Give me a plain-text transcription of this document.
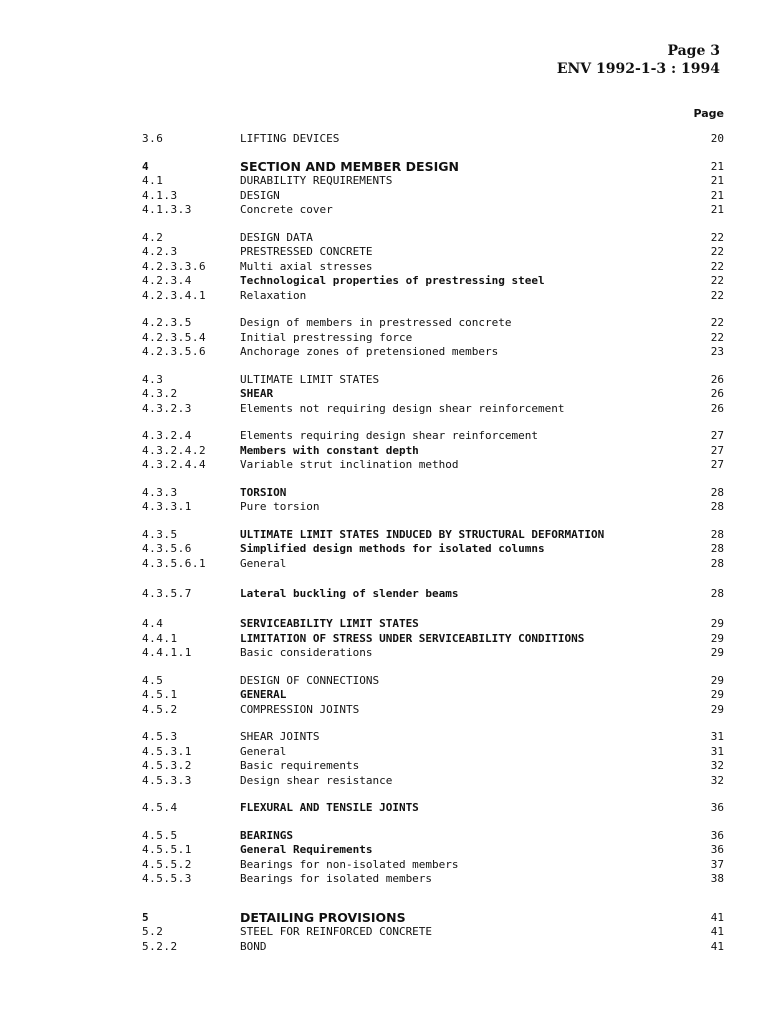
Page 3
ENV 1992-1-3 : 1994
Page
3.6	LIFTING DEVICES	20
4	SECTION AND MEMBER DESIGN	21
4.1	DURABILITY REQUIREMENTS	21
4.1.3	DESIGN	21
4.1.3.3	Concrete cover	21
4.2	DESIGN DATA	22
4.2.3	PRESTRESSED CONCRETE	22
4.2.3.3.6	Multi axial stresses	22
4.2.3.4	Technological properties of prestressing steel	22
4.2.3.4.1	Relaxation	22
4.2.3.5	Design of members in prestressed concrete	22
4.2.3.5.4	Initial prestressing force	22
4.2.3.5.6	Anchorage zones of pretensioned members	23
4.3	ULTIMATE LIMIT STATES	26
4.3.2	SHEAR	26
4.3.2.3	Elements not requiring design shear reinforcement	26
4.3.2.4	Elements requiring design shear reinforcement	27
4.3.2.4.2	Members with constant depth	27
4.3.2.4.4	Variable strut inclination method	27
4.3.3	TORSION	28
4.3.3.1	Pure torsion	28
4.3.5	ULTIMATE LIMIT STATES INDUCED BY STRUCTURAL DEFORMATION	28
4.3.5.6	Simplified design methods for isolated columns	28
4.3.5.6.1	General	28
4.3.5.7	Lateral buckling of slender beams	28
4.4	SERVICEABILITY LIMIT STATES	29
4.4.1	LIMITATION OF STRESS UNDER SERVICEABILITY CONDITIONS	29
4.4.1.1	Basic considerations	29
4.5	DESIGN OF CONNECTIONS	29
4.5.1	GENERAL	29
4.5.2	COMPRESSION JOINTS	29
4.5.3	SHEAR JOINTS	31
4.5.3.1	General	31
4.5.3.2	Basic requirements	32
4.5.3.3	Design shear resistance	32
4.5.4	FLEXURAL AND TENSILE JOINTS	36
4.5.5	BEARINGS	36
4.5.5.1	General Requirements	36
4.5.5.2	Bearings for non-isolated members	37
4.5.5.3	Bearings for isolated members	38
5	DETAILING PROVISIONS	41
5.2	STEEL FOR REINFORCED CONCRETE	41
5.2.2	BOND	41
